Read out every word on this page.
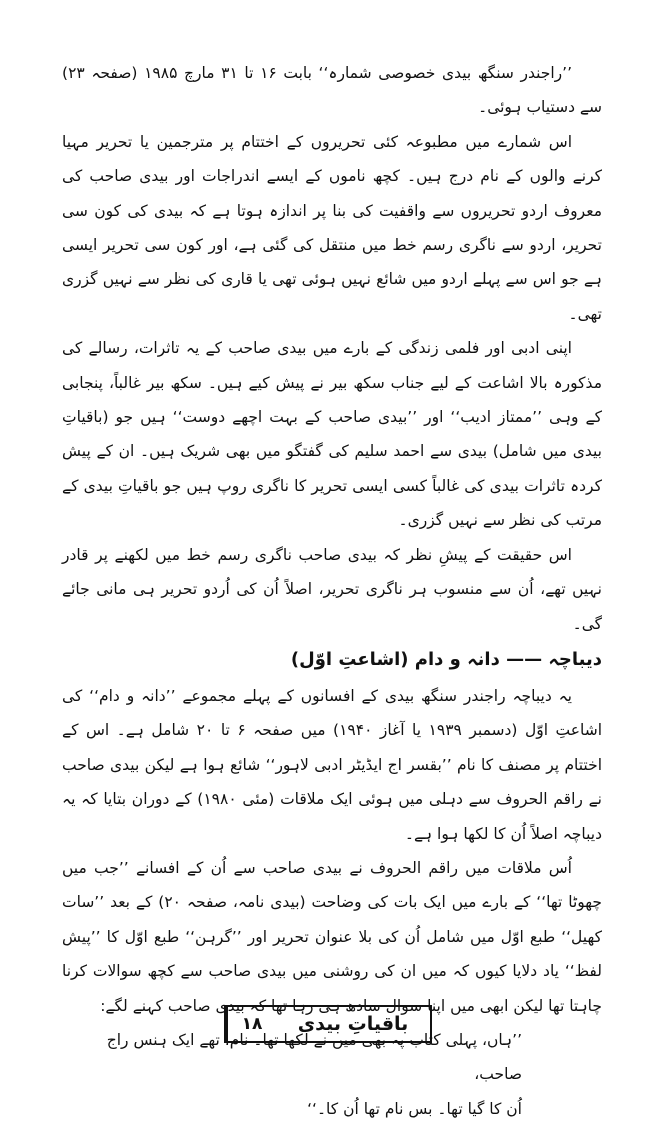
’’راجندر سنگھ بیدی خصوصی شمارہ‘‘ بابت ۱۶ تا ۳۱ مارچ ۱۹۸۵ (صفحہ ۲۳) سے دستیاب ہوئی۔

اس شمارے میں مطبوعہ کئی تحریروں کے اختتام پر مترجمین یا تحریر مہیا کرنے والوں کے نام درج ہیں۔ کچھ ناموں کے ایسے اندراجات اور بیدی صاحب کی معروف اردو تحریروں سے واقفیت کی بنا پر اندازہ ہوتا ہے کہ بیدی کی کون سی تحریر، اردو سے ناگری رسم خط میں منتقل کی گئی ہے، اور کون سی تحریر ایسی ہے جو اس سے پہلے اردو میں شائع نہیں ہوئی تھی یا قاری کی نظر سے نہیں گزری تھی۔

اپنی ادبی اور فلمی زندگی کے بارے میں بیدی صاحب کے یہ تاثرات، رسالے کی مذکورہ بالا اشاعت کے لیے جناب سکھ بیر نے پیش کیے ہیں۔ سکھ بیر غالباً، پنجابی کے وہی ’’ممتاز ادیب‘‘ اور ’’بیدی صاحب کے بہت اچھے دوست‘‘ ہیں جو (باقیاتِ بیدی میں شامل) بیدی سے احمد سلیم کی گفتگو میں بھی شریک ہیں۔ ان کے پیش کردہ تاثرات بیدی کی غالباً کسی ایسی تحریر کا ناگری روپ ہیں جو باقیاتِ بیدی کے مرتب کی نظر سے نہیں گزری۔

اس حقیقت کے پیشِ نظر کہ بیدی صاحب ناگری رسم خط میں لکھنے پر قادر نہیں تھے، اُن سے منسوب ہر ناگری تحریر، اصلاً اُن کی اُردو تحریر ہی مانی جائے گی۔

دیباچہ —— دانہ و دام (اشاعتِ اوّل)

یہ دیباچہ راجندر سنگھ بیدی کے افسانوں کے پہلے مجموعے ’’دانہ و دام‘‘ کی اشاعتِ اوّل (دسمبر ۱۹۳۹ یا آغاز ۱۹۴۰) میں صفحہ ۶ تا ۲۰ شامل ہے۔ اس کے اختتام پر مصنف کا نام ’’بقسر اج ایڈیٹر ادبی لاہور‘‘ شائع ہوا ہے لیکن بیدی صاحب نے راقم الحروف سے دہلی میں ہوئی ایک ملاقات (مئی ۱۹۸۰) کے دوران بتایا کہ یہ دیباچہ اصلاً اُن کا لکھا ہوا ہے۔

اُس ملاقات میں راقم الحروف نے بیدی صاحب سے اُن کے افسانے ’’جب میں چھوٹا تھا‘‘ کے بارے میں ایک بات کی وضاحت (بیدی نامہ، صفحہ ۲۰) کے بعد ’’سات کھیل‘‘ طبع اوّل میں شامل اُن کی بلا عنوان تحریر اور ’’گرہن‘‘ طبع اوّل کا ’’پیش لفظ‘‘ یاد دلایا کیوں کہ میں ان کی روشنی میں بیدی صاحب سے کچھ سوالات کرنا چاہتا تھا لیکن ابھی میں اپنا سوال سادھ ہی رہا تھا کہ بیدی صاحب کہنے لگے:

’’ہاں، پہلی کتاب پہ بھی میں نے لکھا تھا۔ نام، تھے ایک ہنس راج صاحب،
اُن کا گیا تھا۔ بس نام تھا اُن کا۔‘‘

۱۸	باقیاتِ بیدی
